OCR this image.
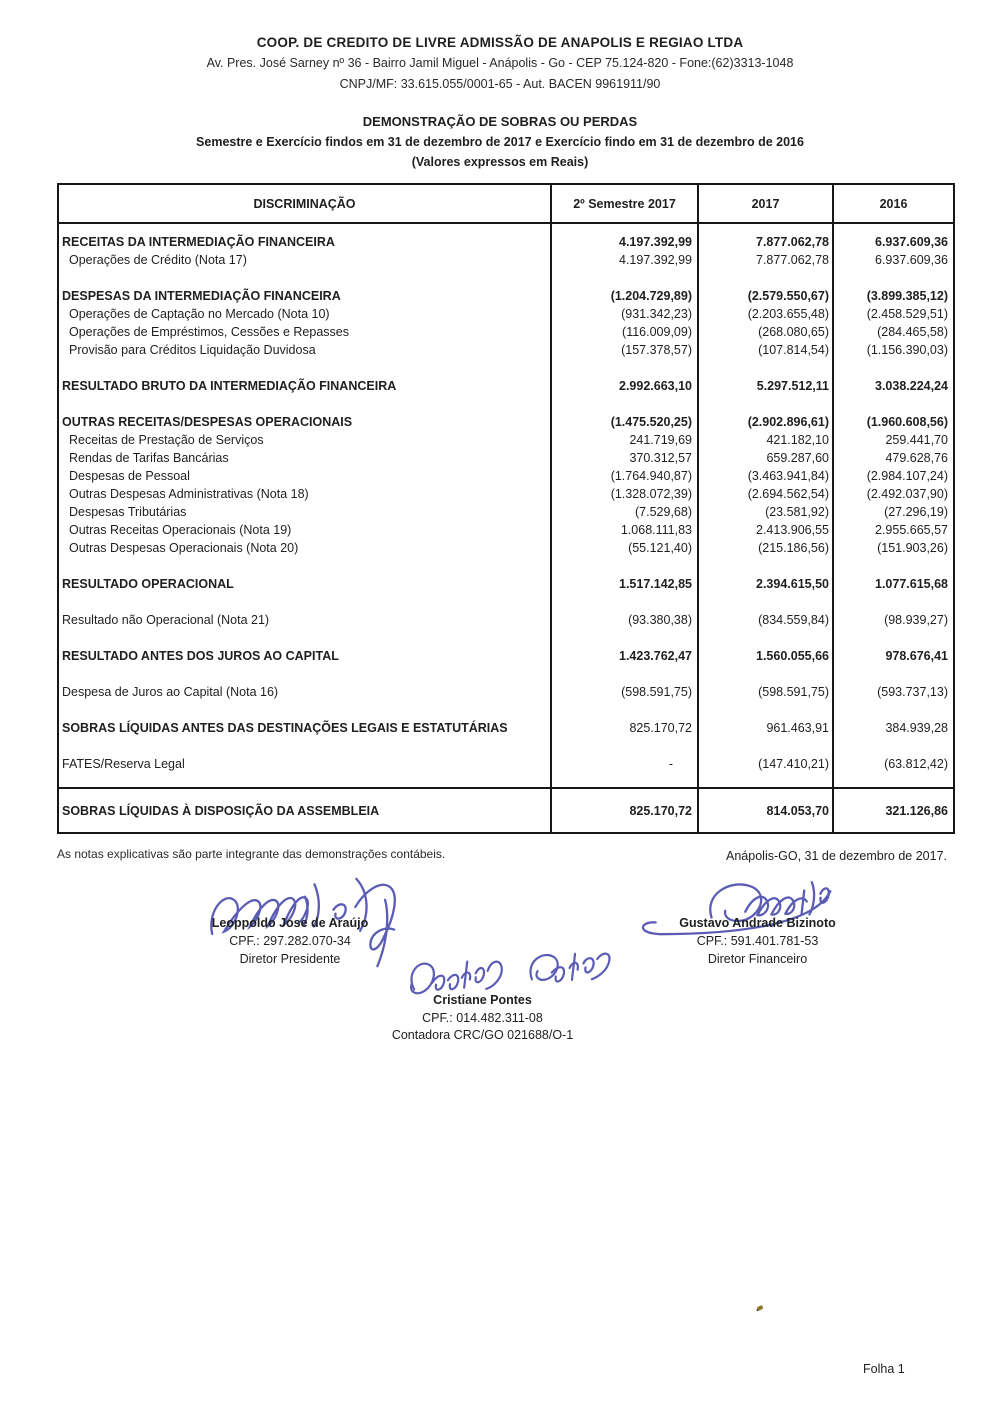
COOP. DE CREDITO DE LIVRE ADMISSÃO DE ANAPOLIS E REGIAO LTDA
Av. Pres. José Sarney nº 36 - Bairro Jamil Miguel - Anápolis - Go - CEP 75.124-820 - Fone:(62)3313-1048
CNPJ/MF: 33.615.055/0001-65 - Aut. BACEN 9961911/90
DEMONSTRAÇÃO DE SOBRAS OU PERDAS
Semestre e Exercício findos em 31 de dezembro de 2017 e Exercício findo em 31 de dezembro de 2016
(Valores expressos em Reais)
DISCRIMINAÇÃO	2º Semestre 2017	2017	2016
RECEITAS DA INTERMEDIAÇÃO FINANCEIRA	4.197.392,99	7.877.062,78	6.937.609,36
Operações de Crédito (Nota 17)	4.197.392,99	7.877.062,78	6.937.609,36
DESPESAS DA INTERMEDIAÇÃO FINANCEIRA	(1.204.729,89)	(2.579.550,67)	(3.899.385,12)
Operações de Captação no Mercado (Nota 10)	(931.342,23)	(2.203.655,48)	(2.458.529,51)
Operações de Empréstimos, Cessões e Repasses	(116.009,09)	(268.080,65)	(284.465,58)
Provisão para Créditos Liquidação Duvidosa	(157.378,57)	(107.814,54)	(1.156.390,03)
RESULTADO BRUTO DA INTERMEDIAÇÃO FINANCEIRA	2.992.663,10	5.297.512,11	3.038.224,24
OUTRAS RECEITAS/DESPESAS OPERACIONAIS	(1.475.520,25)	(2.902.896,61)	(1.960.608,56)
Receitas de Prestação de Serviços	241.719,69	421.182,10	259.441,70
Rendas de Tarifas Bancárias	370.312,57	659.287,60	479.628,76
Despesas de Pessoal	(1.764.940,87)	(3.463.941,84)	(2.984.107,24)
Outras Despesas Administrativas (Nota 18)	(1.328.072,39)	(2.694.562,54)	(2.492.037,90)
Despesas Tributárias	(7.529,68)	(23.581,92)	(27.296,19)
Outras Receitas Operacionais (Nota 19)	1.068.111,83	2.413.906,55	2.955.665,57
Outras Despesas Operacionais (Nota 20)	(55.121,40)	(215.186,56)	(151.903,26)
RESULTADO OPERACIONAL	1.517.142,85	2.394.615,50	1.077.615,68
Resultado não Operacional (Nota 21)	(93.380,38)	(834.559,84)	(98.939,27)
RESULTADO ANTES DOS JUROS AO CAPITAL	1.423.762,47	1.560.055,66	978.676,41
Despesa de Juros ao Capital (Nota 16)	(598.591,75)	(598.591,75)	(593.737,13)
SOBRAS LÍQUIDAS ANTES DAS DESTINAÇÕES LEGAIS E ESTATUTÁRIAS	825.170,72	961.463,91	384.939,28
FATES/Reserva Legal	-	(147.410,21)	(63.812,42)
SOBRAS LÍQUIDAS À DISPOSIÇÃO DA ASSEMBLEIA	825.170,72	814.053,70	321.126,86
As notas explicativas são parte integrante das demonstrações contábeis.	Anápolis-GO, 31 de dezembro de 2017.
Leoppoldo Jose de Araújo
CPF.: 297.282.070-34
Diretor Presidente
Gustavo Andrade Bizinoto
CPF.: 591.401.781-53
Diretor Financeiro
Cristiane Pontes
CPF.: 014.482.311-08
Contadora CRC/GO 021688/O-1
Folha 1
